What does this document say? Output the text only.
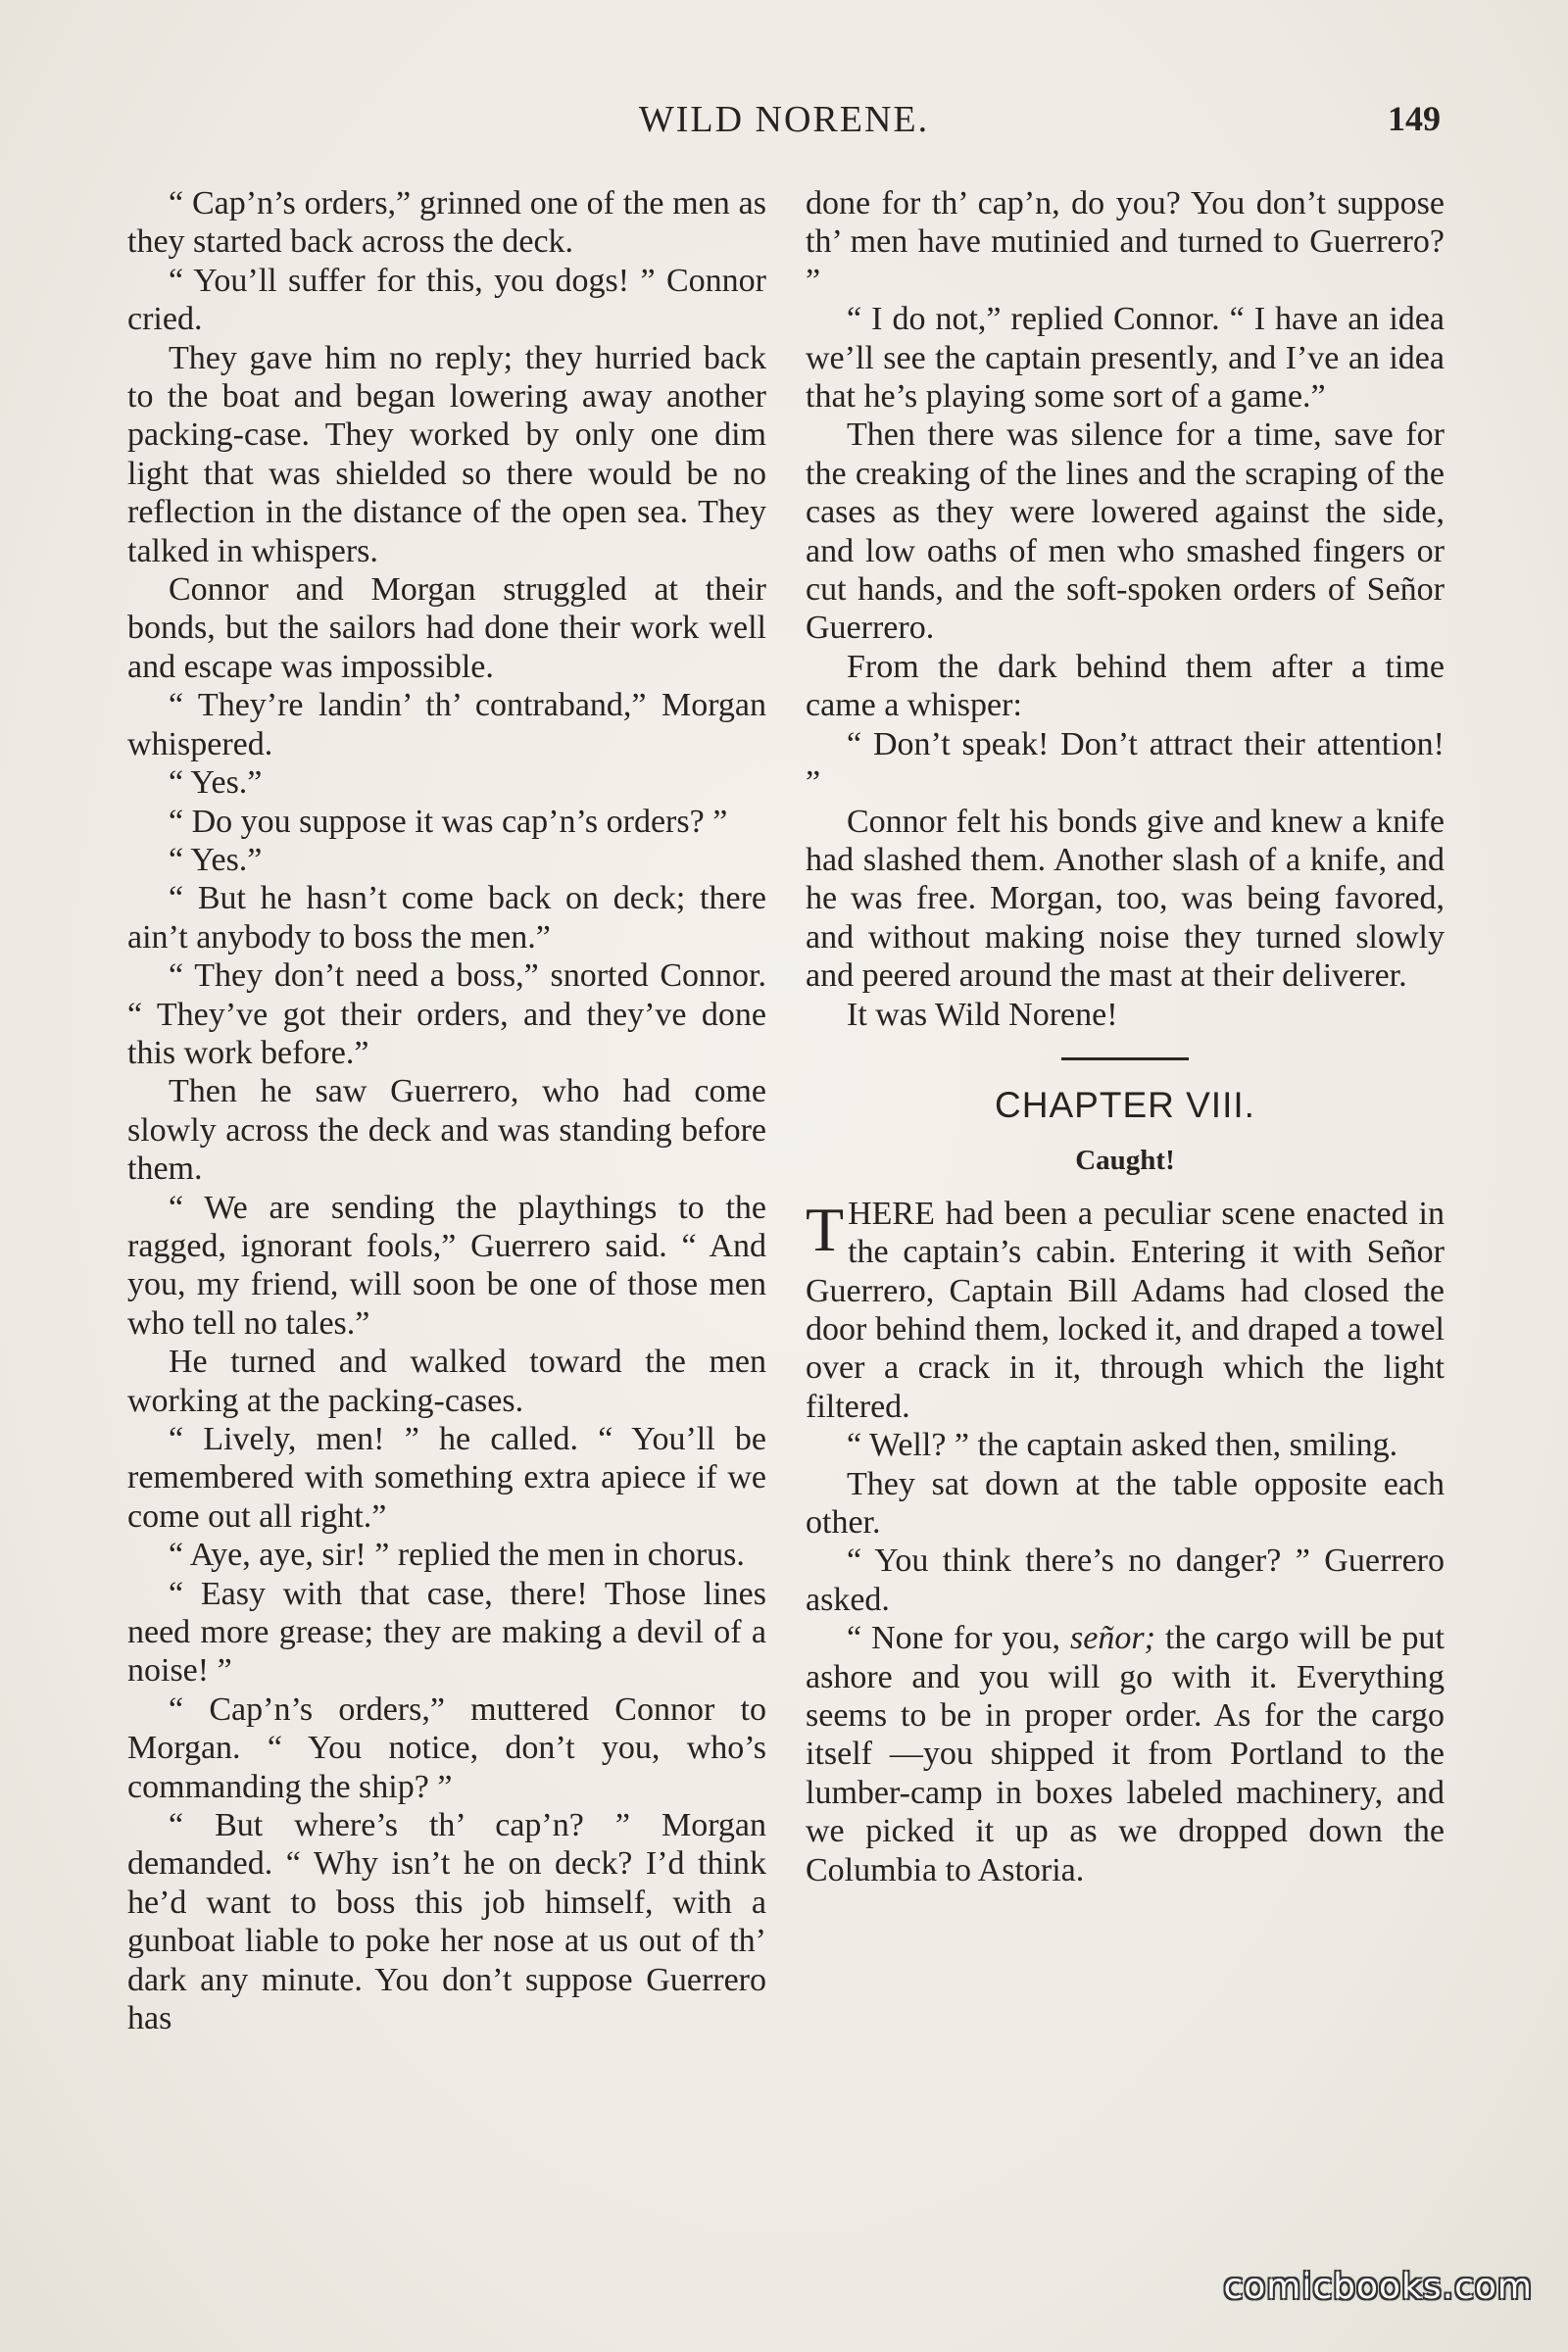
WILD NORENE.	149

“ Cap’n’s orders,” grinned one of the men as they started back across the deck.

“ You’ll suffer for this, you dogs! ” Connor cried.

They gave him no reply; they hurried back to the boat and began lowering away another packing-case. They worked by only one dim light that was shielded so there would be no reflection in the distance of the open sea. They talked in whispers.

Connor and Morgan struggled at their bonds, but the sailors had done their work well and escape was impossible.

“ They’re landin’ th’ contraband,” Morgan whispered.

“ Yes.”

“ Do you suppose it was cap’n’s orders? ”

“ Yes.”

“ But he hasn’t come back on deck; there ain’t anybody to boss the men.”

“ They don’t need a boss,” snorted Connor. “ They’ve got their orders, and they’ve done this work before.”

Then he saw Guerrero, who had come slowly across the deck and was standing before them.

“ We are sending the playthings to the ragged, ignorant fools,” Guerrero said. “ And you, my friend, will soon be one of those men who tell no tales.”

He turned and walked toward the men working at the packing-cases.

“ Lively, men! ” he called. “ You’ll be remembered with something extra apiece if we come out all right.”

“ Aye, aye, sir! ” replied the men in chorus.

“ Easy with that case, there! Those lines need more grease; they are making a devil of a noise! ”

“ Cap’n’s orders,” muttered Connor to Morgan. “ You notice, don’t you, who’s commanding the ship? ”

“ But where’s th’ cap’n? ” Morgan demanded. “ Why isn’t he on deck? I’d think he’d want to boss this job himself, with a gunboat liable to poke her nose at us out of th’ dark any minute. You don’t suppose Guerrero has

done for th’ cap’n, do you? You don’t suppose th’ men have mutinied and turned to Guerrero? ”

“ I do not,” replied Connor. “ I have an idea we’ll see the captain presently, and I’ve an idea that he’s playing some sort of a game.”

Then there was silence for a time, save for the creaking of the lines and the scraping of the cases as they were lowered against the side, and low oaths of men who smashed fingers or cut hands, and the soft-spoken orders of Señor Guerrero.

From the dark behind them after a time came a whisper:

“ Don’t speak! Don’t attract their attention! ”

Connor felt his bonds give and knew a knife had slashed them. Another slash of a knife, and he was free. Morgan, too, was being favored, and without making noise they turned slowly and peered around the mast at their deliverer.

It was Wild Norene!

CHAPTER VIII.
Caught!

THERE had been a peculiar scene enacted in the captain’s cabin. Entering it with Señor Guerrero, Captain Bill Adams had closed the door behind them, locked it, and draped a towel over a crack in it, through which the light filtered.

“ Well? ” the captain asked then, smiling.

They sat down at the table opposite each other.

“ You think there’s no danger? ” Guerrero asked.

“ None for you, señor; the cargo will be put ashore and you will go with it. Everything seems to be in proper order. As for the cargo itself —you shipped it from Portland to the lumber-camp in boxes labeled machinery, and we picked it up as we dropped down the Columbia to Astoria.

comicbooks.com
